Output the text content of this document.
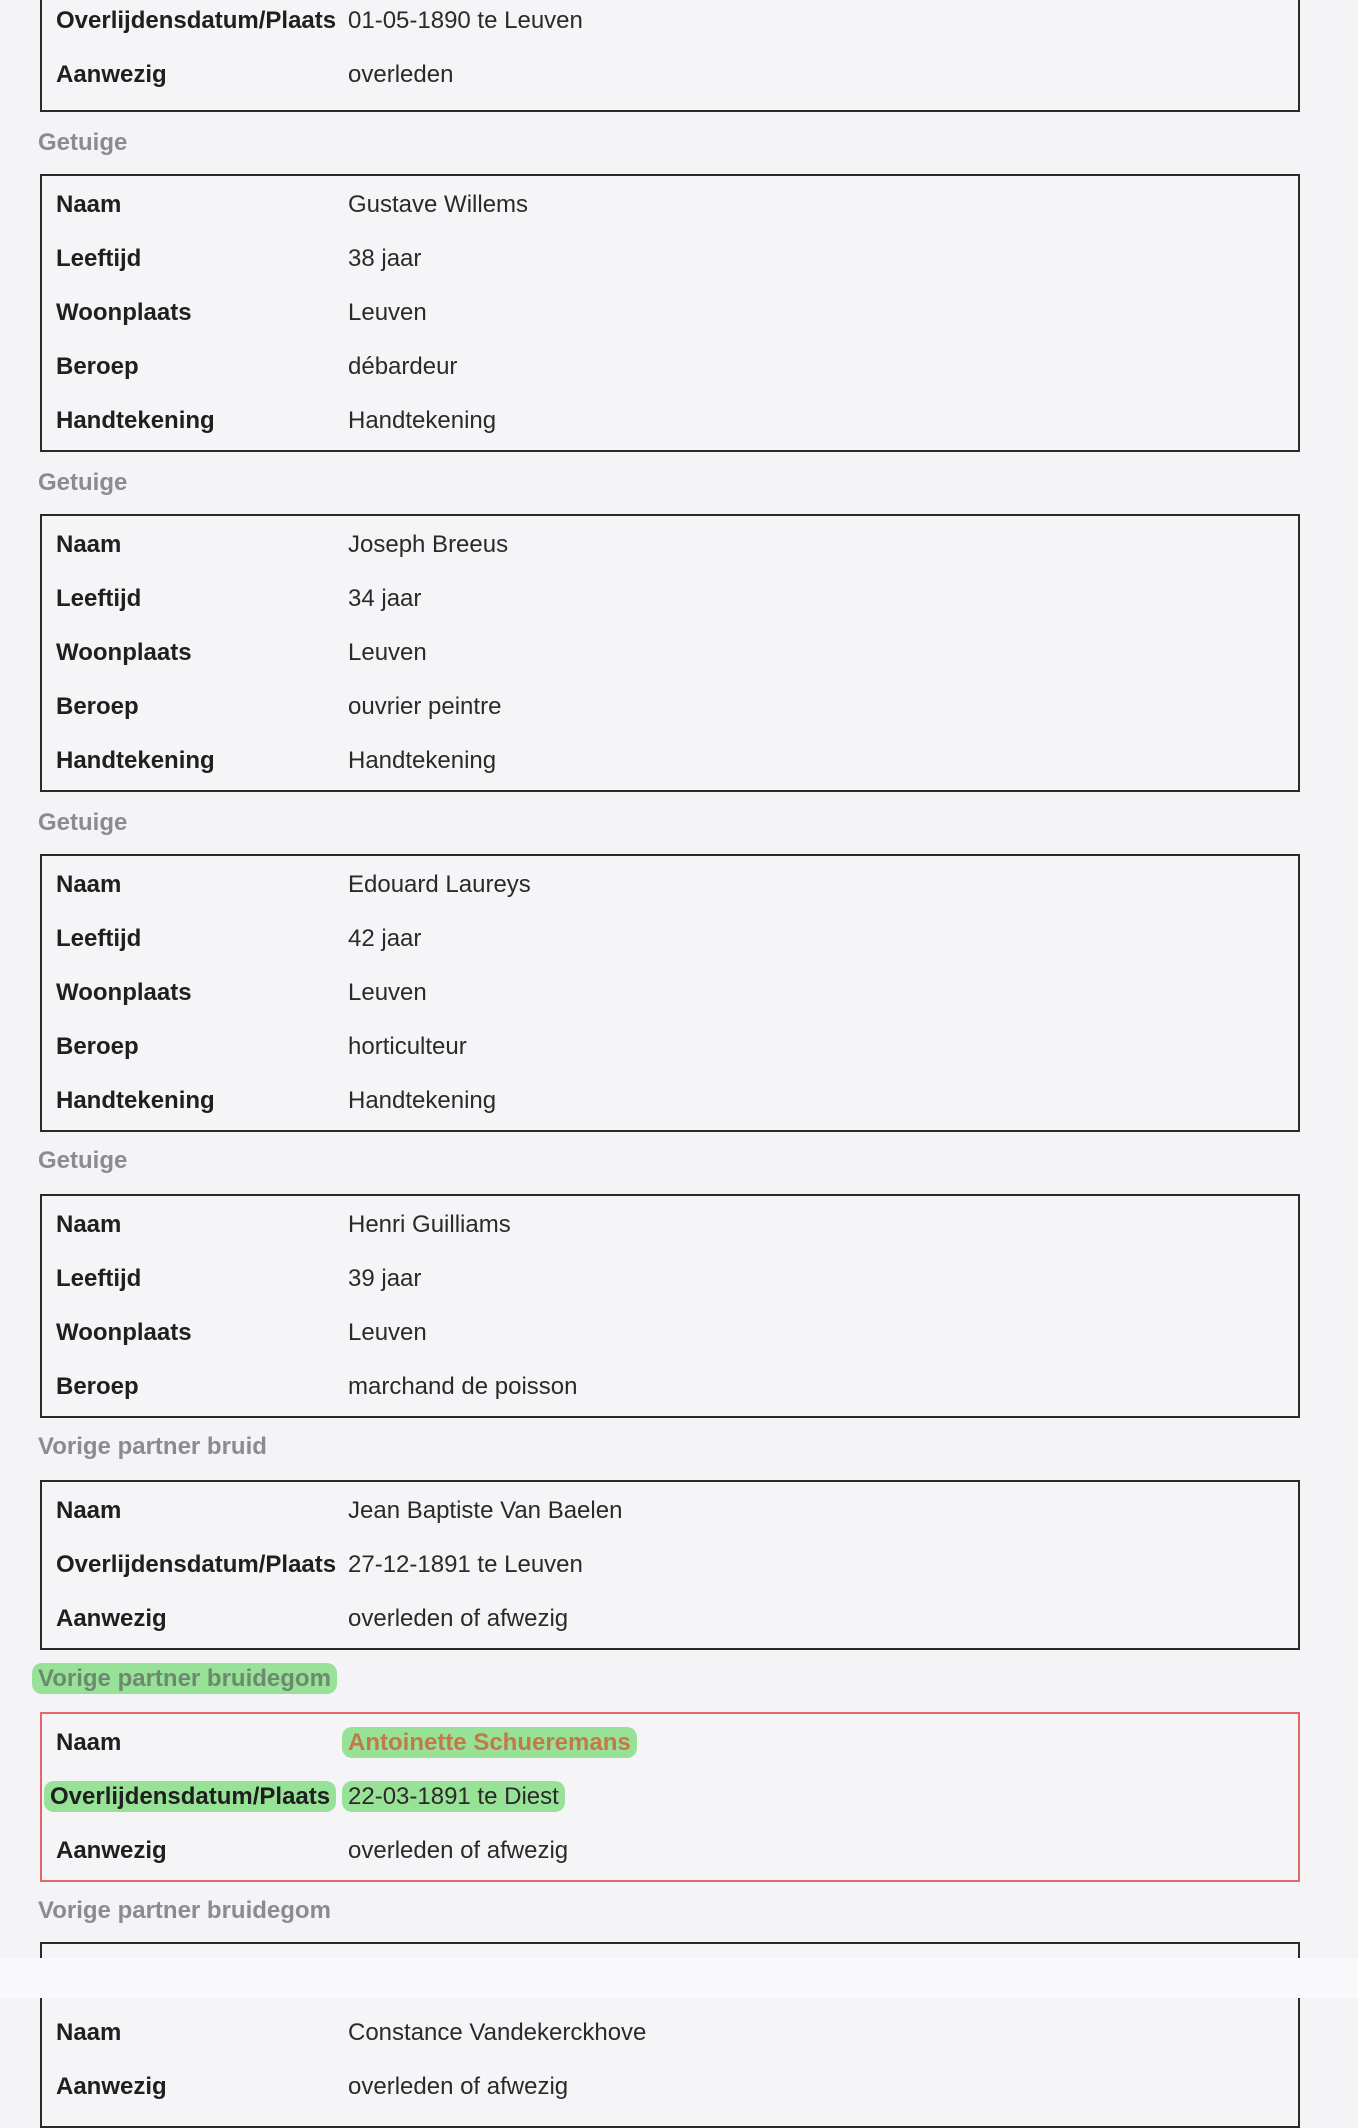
Overlijdensdatum/Plaats 01-05-1890 te Leuven
Aanwezig	overleden
Getuige
Naam	Gustave Willems
Leeftijd	38 jaar
Woonplaats	Leuven
Beroep	débardeur
Handtekening	Handtekening
Getuige
Naam	Joseph Breeus
Leeftijd	34 jaar
Woonplaats	Leuven
Beroep	ouvrier peintre
Handtekening	Handtekening
Getuige
Naam	Edouard Laureys
Leeftijd	42 jaar
Woonplaats	Leuven
Beroep	horticulteur
Handtekening	Handtekening
Getuige
Naam	Henri Guilliams
Leeftijd	39 jaar
Woonplaats	Leuven
Beroep	marchand de poisson
Vorige partner bruid
Naam	Jean Baptiste Van Baelen
Overlijdensdatum/Plaats 27-12-1891 te Leuven
Aanwezig	overleden of afwezig
Vorige partner bruidegom
Naam	Antoinette Schueremans
Overlijdensdatum/Plaats 22-03-1891 te Diest
Aanwezig	overleden of afwezig
Vorige partner bruidegom
Naam	Constance Vandekerckhove
Aanwezig	overleden of afwezig
